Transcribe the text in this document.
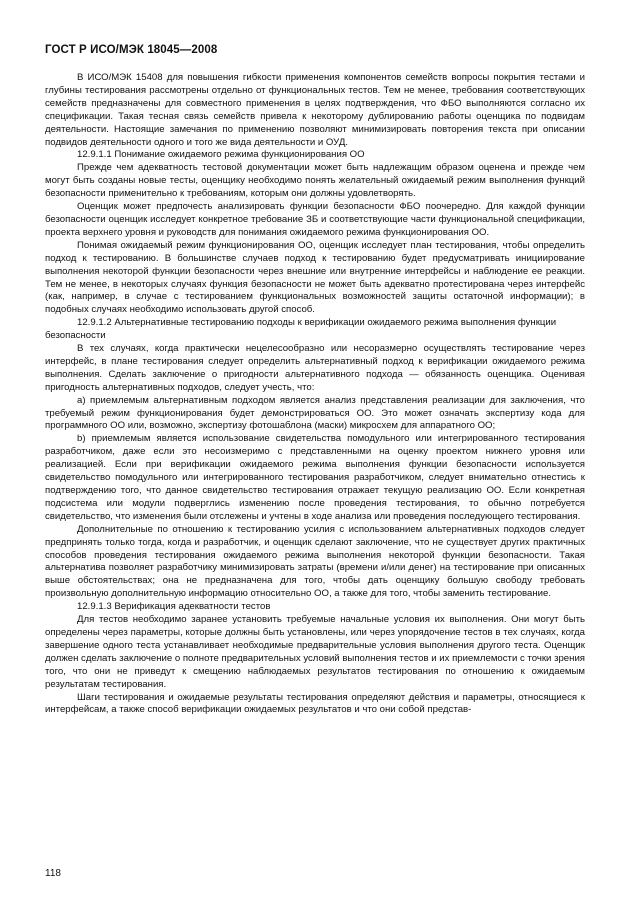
ГОСТ Р ИСО/МЭК 18045—2008

В ИСО/МЭК 15408 для повышения гибкости применения компонентов семейств вопросы покрытия тестами и глубины тестирования рассмотрены отдельно от функциональных тестов. Тем не менее, требования соответствующих семейств предназначены для совместного применения в целях подтверждения, что ФБО выполняются согласно их спецификации. Такая тесная связь семейств привела к некоторому дублированию работы оценщика по подвидам деятельности. Настоящие замечания по применению позволяют минимизировать повторения текста при описании подвидов деятельности одного и того же вида деятельности и ОУД.

12.9.1.1 Понимание ожидаемого режима функционирования ОО

Прежде чем адекватность тестовой документации может быть надлежащим образом оценена и прежде чем могут быть созданы новые тесты, оценщику необходимо понять желательный ожидаемый режим выполнения функций безопасности применительно к требованиям, которым они должны удовлетворять.

Оценщик может предпочесть анализировать функции безопасности ФБО поочередно. Для каждой функции безопасности оценщик исследует конкретное требование ЗБ и соответствующие части функциональной спецификации, проекта верхнего уровня и руководств для понимания ожидаемого режима функционирования ОО.

Понимая ожидаемый режим функционирования ОО, оценщик исследует план тестирования, чтобы определить подход к тестированию. В большинстве случаев подход к тестированию будет предусматривать инициирование выполнения некоторой функции безопасности через внешние или внутренние интерфейсы и наблюдение ее реакции. Тем не менее, в некоторых случаях функция безопасности не может быть адекватно протестирована через интерфейс (как, например, в случае с тестированием функциональных возможностей защиты остаточной информации); в подобных случаях необходимо использовать другой способ.

12.9.1.2 Альтернативные тестированию подходы к верификации ожидаемого режима выполнения функции безопасности

В тех случаях, когда практически нецелесообразно или несоразмерно осуществлять тестирование через интерфейс, в плане тестирования следует определить альтернативный подход к верификации ожидаемого режима выполнения. Сделать заключение о пригодности альтернативного подхода — обязанность оценщика. Оценивая пригодность альтернативных подходов, следует учесть, что:

а) приемлемым альтернативным подходом является анализ представления реализации для заключения, что требуемый режим функционирования будет демонстрироваться ОО. Это может означать экспертизу кода для программного ОО или, возможно, экспертизу фотошаблона (маски) микросхем для аппаратного ОО;

b) приемлемым является использование свидетельства помодульного или интегрированного тестирования разработчиком, даже если это несоизмеримо с представленными на оценку проектом нижнего уровня или реализацией. Если при верификации ожидаемого режима выполнения функции безопасности используется свидетельство помодульного или интегрированного тестирования разработчиком, следует внимательно отнестись к подтверждению того, что данное свидетельство тестирования отражает текущую реализацию ОО. Если конкретная подсистема или модули подверглись изменению после проведения тестирования, то обычно потребуется свидетельство, что изменения были отслежены и учтены в ходе анализа или проведения последующего тестирования.

Дополнительные по отношению к тестированию усилия с использованием альтернативных подходов следует предпринять только тогда, когда и разработчик, и оценщик сделают заключение, что не существует других практичных способов проведения тестирования ожидаемого режима выполнения некоторой функции безопасности. Такая альтернатива позволяет разработчику минимизировать затраты (времени и/или денег) на тестирование при описанных выше обстоятельствах; она не предназначена для того, чтобы дать оценщику большую свободу требовать произвольную дополнительную информацию относительно ОО, а также для того, чтобы заменить тестирование.

12.9.1.3 Верификация адекватности тестов

Для тестов необходимо заранее установить требуемые начальные условия их выполнения. Они могут быть определены через параметры, которые должны быть установлены, или через упорядочение тестов в тех случаях, когда завершение одного теста устанавливает необходимые предварительные условия выполнения другого теста. Оценщик должен сделать заключение о полноте предварительных условий выполнения тестов и их приемлемости с точки зрения того, что они не приведут к смещению наблюдаемых результатов тестирования по отношению к ожидаемым результатам тестирования.

Шаги тестирования и ожидаемые результаты тестирования определяют действия и параметры, относящиеся к интерфейсам, а также способ верификации ожидаемых результатов и что они собой представ-

118
